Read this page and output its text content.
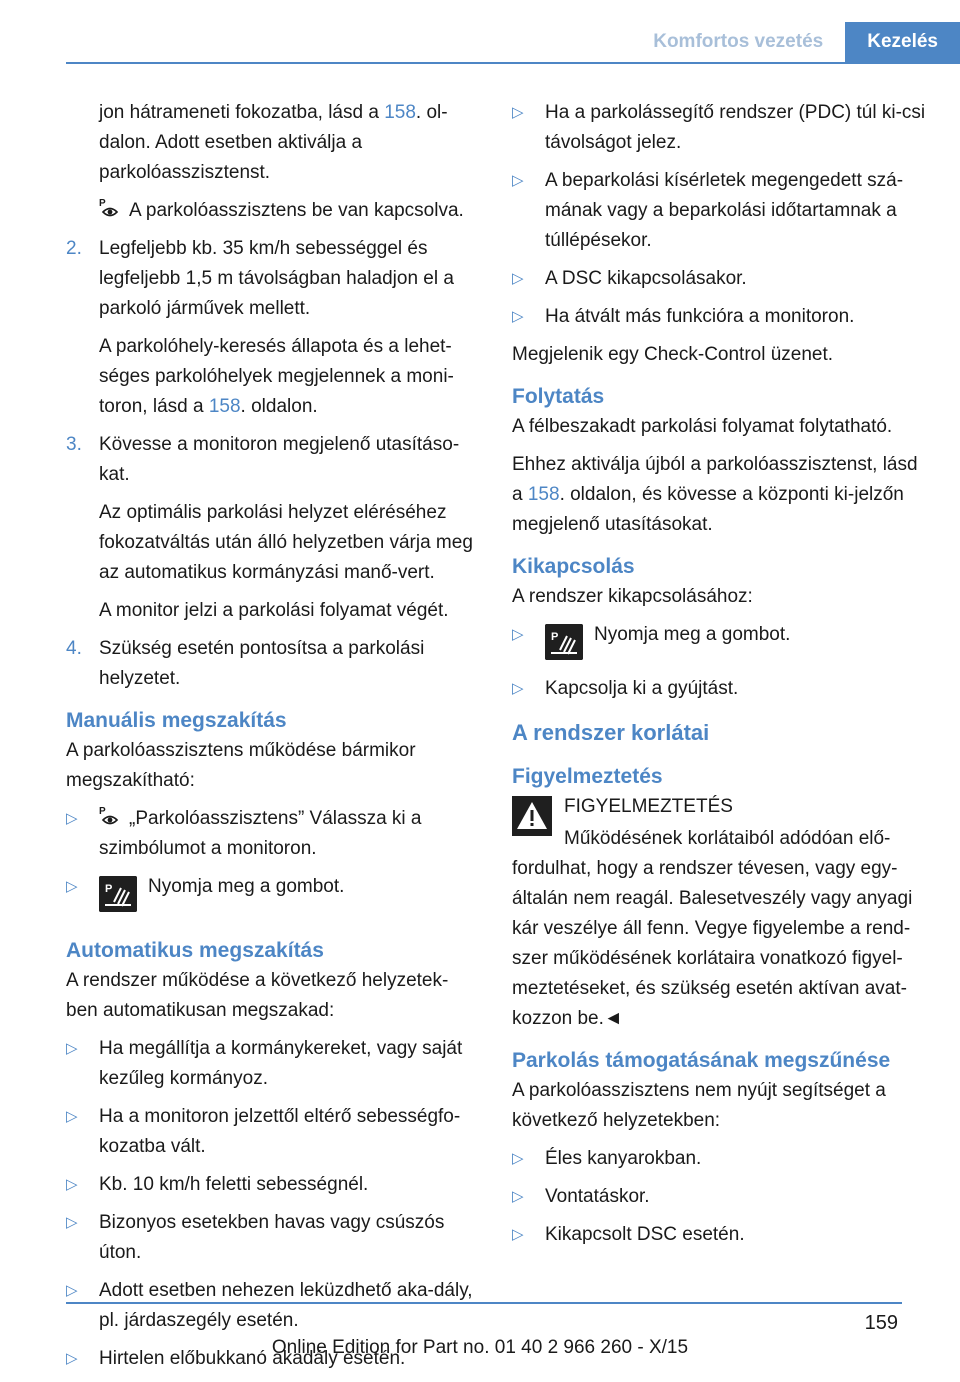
Komfortos vezetés	Kezelés

jon hátrameneti fokozatba, lásd a 158. ol-dalon. Adott esetben aktiválja a parkolóasszisztenst.

P A parkolóasszisztens be van kapcsolva.

2. Legfeljebb kb. 35 km/h sebességgel és legfeljebb 1,5 m távolságban haladjon el a parkoló járművek mellett.

A parkolóhely-keresés állapota és a lehet-séges parkolóhelyek megjelennek a moni-toron, lásd a 158. oldalon.

3. Kövesse a monitoron megjelenő utasításo-kat.

Az optimális parkolási helyzet eléréséhez fokozatváltás után álló helyzetben várja meg az automatikus kormányzási manő-vert.

A monitor jelzi a parkolási folyamat végét.

4. Szükség esetén pontosítsa a parkolási helyzetet.

Manuális megszakítás

A parkolóasszisztens működése bármikor megszakítható:

▷ P „Parkolóasszisztens” Válassza ki a szimbólumot a monitoron.

▷ P Nyomja meg a gombot.

Automatikus megszakítás

A rendszer működése a következő helyzetek-ben automatikusan megszakad:

▷ Ha megállítja a kormánykereket, vagy saját kezűleg kormányoz.

▷ Ha a monitoron jelzettől eltérő sebességfo-kozatba vált.

▷ Kb. 10 km/h feletti sebességnél.

▷ Bizonyos esetekben havas vagy csúszós úton.

▷ Adott esetben nehezen leküzdhető aka-dály, pl. járdaszegély esetén.

▷ Hirtelen előbukkanó akadály esetén.

▷ Ha a parkolássegítő rendszer (PDC) túl ki-csi távolságot jelez.

▷ A beparkolási kísérletek megengedett szá-mának vagy a beparkolási időtartamnak a túllépésekor.

▷ A DSC kikapcsolásakor.

▷ Ha átvált más funkcióra a monitoron.

Megjelenik egy Check-Control üzenet.

Folytatás

A félbeszakadt parkolási folyamat folytatható.

Ehhez aktiválja újból a parkolóasszisztenst, lásd a 158. oldalon, és kövesse a központi ki-jelzőn megjelenő utasításokat.

Kikapcsolás

A rendszer kikapcsolásához:

▷ P Nyomja meg a gombot.

▷ Kapcsolja ki a gyújtást.

A rendszer korlátai
Figyelmeztetés

FIGYELMEZTETÉS

Működésének korlátaiból adódóan elő-

fordulhat, hogy a rendszer tévesen, vagy egy-általán nem reagál. Balesetveszély vagy anyagi kár veszélye áll fenn. Vegye figyelembe a rend-szer működésének korlátaira vonatkozó figyel-meztetéseket, és szükség esetén aktívan avat-kozzon be.◄

Parkolás támogatásának megszűnése

A parkolóasszisztens nem nyújt segítséget a következő helyzetekben:

▷ Éles kanyarokban.

▷ Vontatáskor.

▷ Kikapcsolt DSC esetén.

159
Online Edition for Part no. 01 40 2 966 260 - X/15
